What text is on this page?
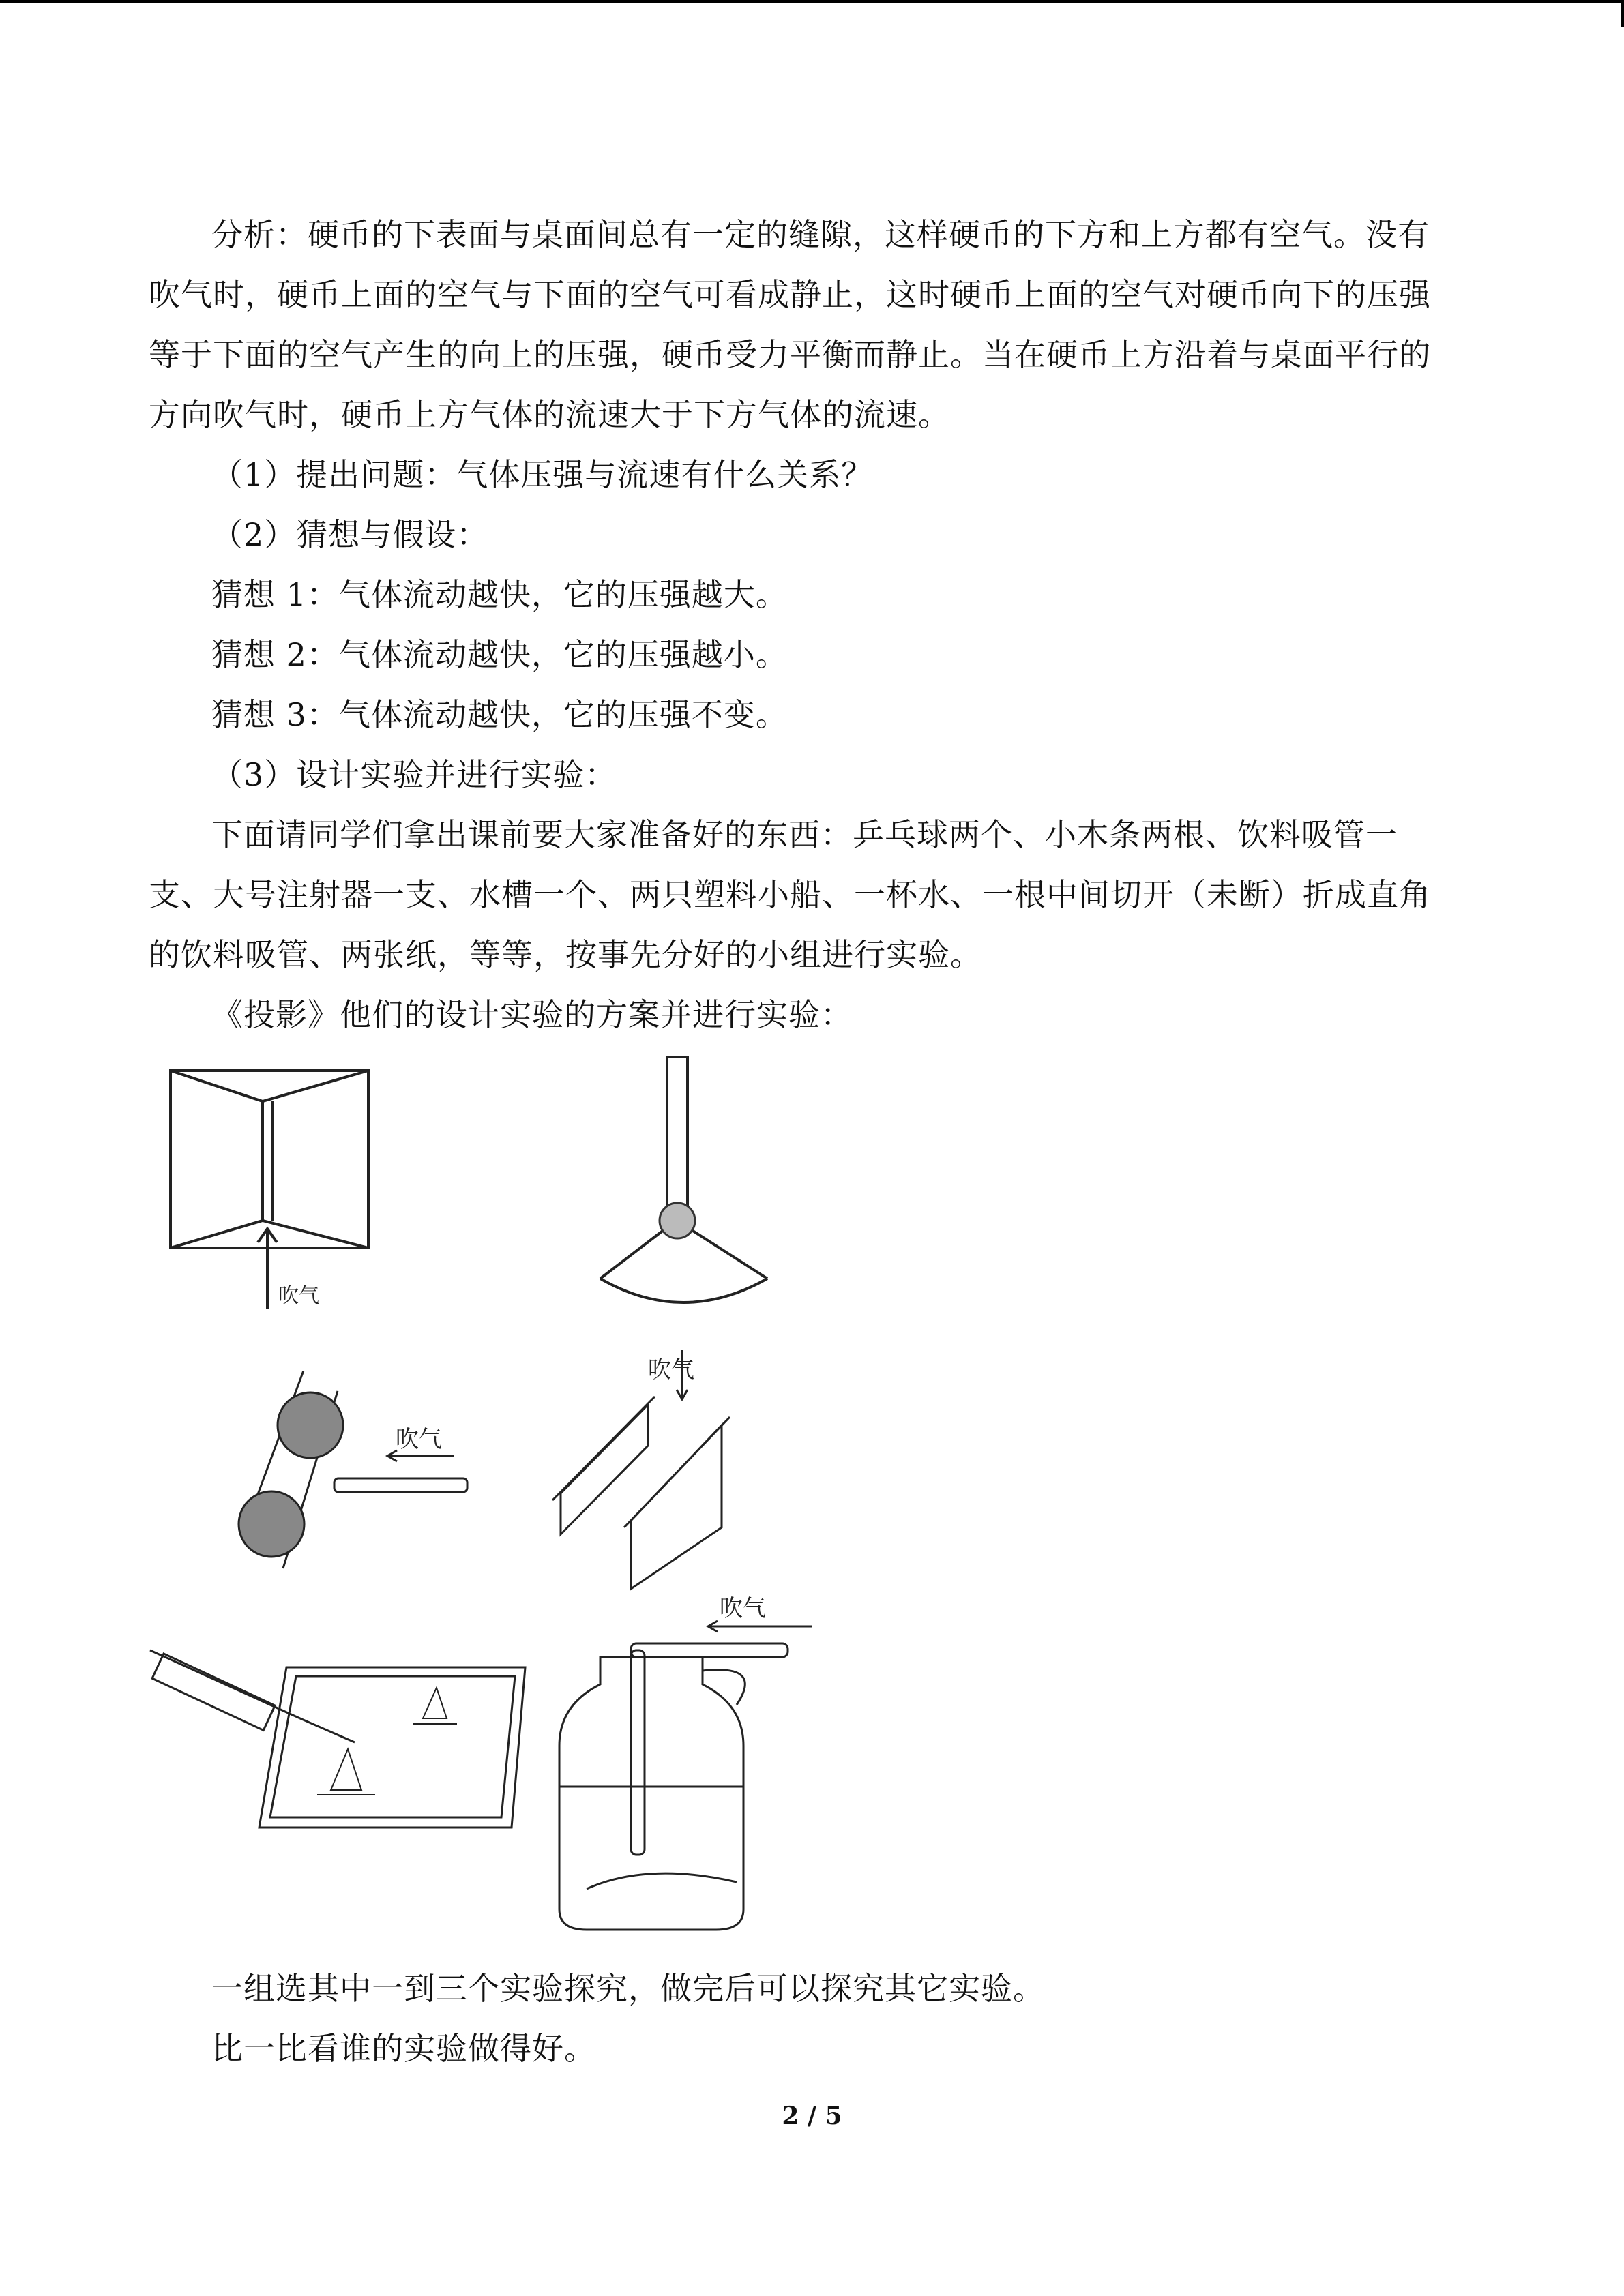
分析：硬币的下表面与桌面间总有一定的缝隙，这样硬币的下方和上方都有空气。没有吹气时，硬币上面的空气与下面的空气可看成静止，这时硬币上面的空气对硬币向下的压强等于下面的空气产生的向上的压强，硬币受力平衡而静止。当在硬币上方沿着与桌面平行的方向吹气时，硬币上方气体的流速大于下方气体的流速。

（1）提出问题：气体压强与流速有什么关系？

（2）猜想与假设：

猜想 1：气体流动越快，它的压强越大。

猜想 2：气体流动越快，它的压强越小。

猜想 3：气体流动越快，它的压强不变。

（3）设计实验并进行实验：

下面请同学们拿出课前要大家准备好的东西：乒乓球两个、小木条两根、饮料吸管一支、大号注射器一支、水槽一个、两只塑料小船、一杯水、一根中间切开（未断）折成直角的饮料吸管、两张纸，等等，按事先分好的小组进行实验。

《投影》他们的设计实验的方案并进行实验：

吹气
吹气
吹气
吹气
一组选其中一到三个实验探究，做完后可以探究其它实验。
比一比看谁的实验做得好。
2 / 5
